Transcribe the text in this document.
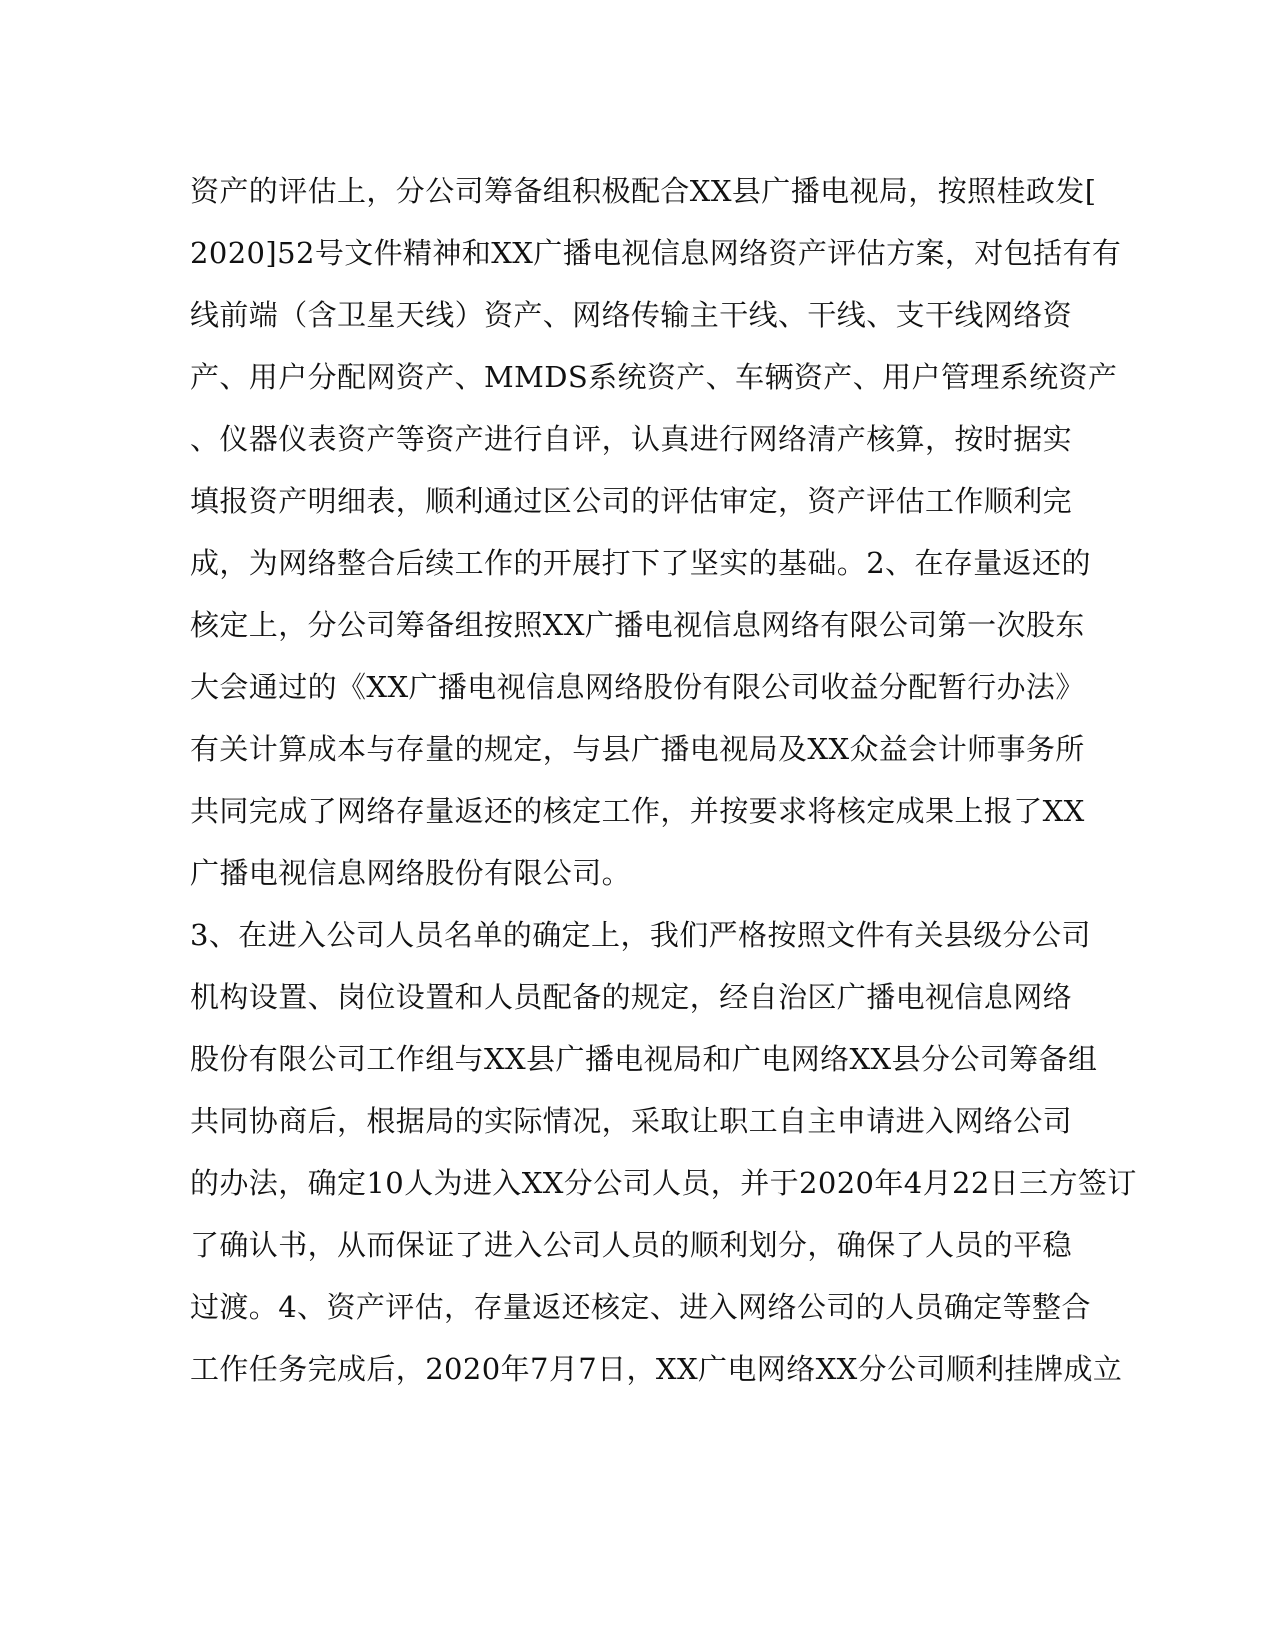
资产的评估上，分公司筹备组积极配合XX县广播电视局，按照桂政发[
2020]52号文件精神和XX广播电视信息网络资产评估方案，对包括有有
线前端（含卫星天线）资产、网络传输主干线、干线、支干线网络资
产、用户分配网资产、MMDS系统资产、车辆资产、用户管理系统资产
、仪器仪表资产等资产进行自评，认真进行网络清产核算，按时据实
填报资产明细表，顺利通过区公司的评估审定，资产评估工作顺利完
成，为网络整合后续工作的开展打下了坚实的基础。2、在存量返还的
核定上，分公司筹备组按照XX广播电视信息网络有限公司第一次股东
大会通过的《XX广播电视信息网络股份有限公司收益分配暂行办法》
有关计算成本与存量的规定，与县广播电视局及XX众益会计师事务所
共同完成了网络存量返还的核定工作，并按要求将核定成果上报了XX
广播电视信息网络股份有限公司。
3、在进入公司人员名单的确定上，我们严格按照文件有关县级分公司
机构设置、岗位设置和人员配备的规定，经自治区广播电视信息网络
股份有限公司工作组与XX县广播电视局和广电网络XX县分公司筹备组
共同协商后，根据局的实际情况，采取让职工自主申请进入网络公司
的办法，确定10人为进入XX分公司人员，并于2020年4月22日三方签订
了确认书，从而保证了进入公司人员的顺利划分，确保了人员的平稳
过渡。4、资产评估，存量返还核定、进入网络公司的人员确定等整合
工作任务完成后，2020年7月7日，XX广电网络XX分公司顺利挂牌成立
